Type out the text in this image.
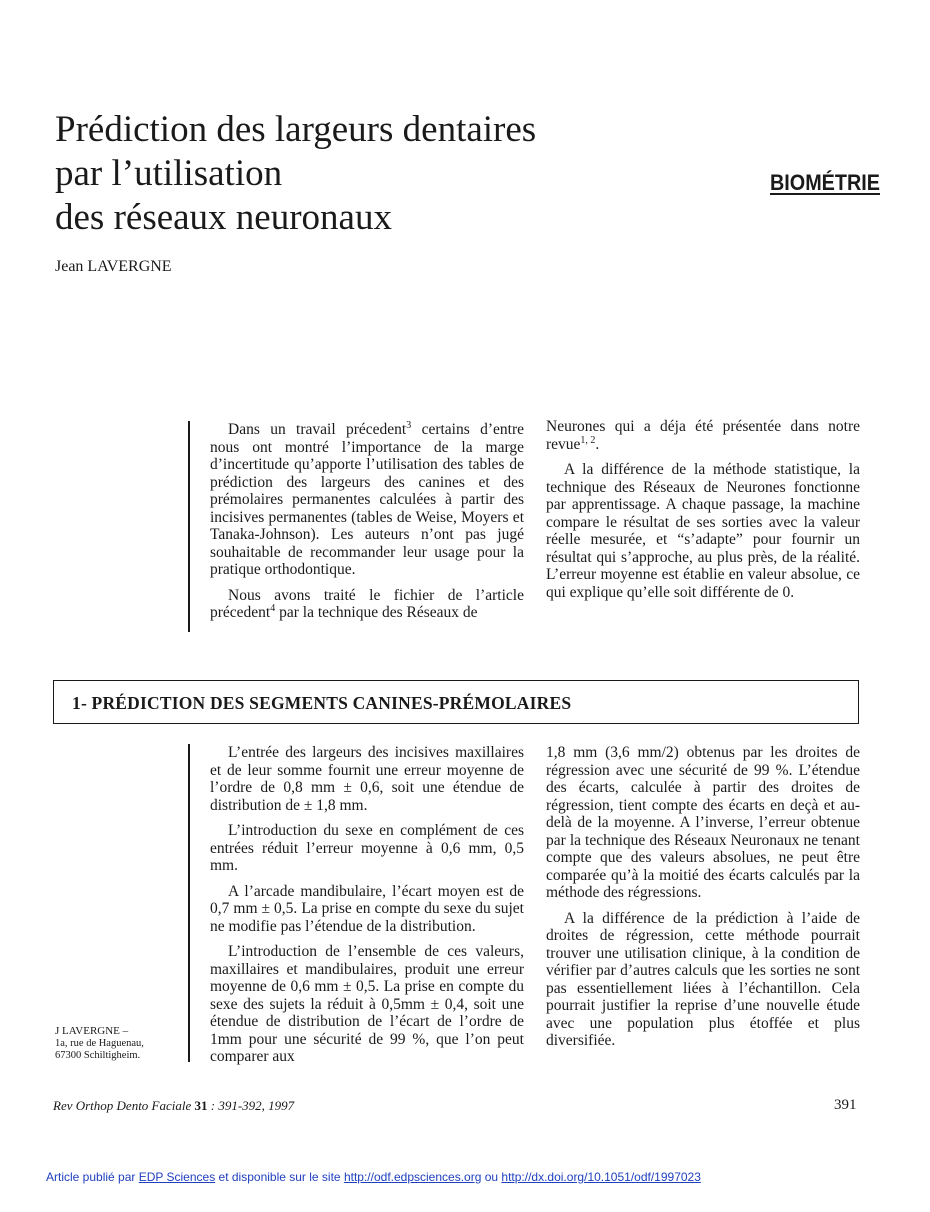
Prédiction des largeurs dentaires
par l’utilisation
des réseaux neuronaux
BIOMÉTRIE
Jean LAVERGNE

Dans un travail précedent$^3$ certains d’entre nous ont montré l’importance de la marge d’incertitude qu’apporte l’utilisation des tables de prédiction des largeurs des canines et des prémolaires permanentes calculées à partir des incisives permanentes (tables de Weise, Moyers et Tanaka-Johnson). Les auteurs n’ont pas jugé souhaitable de recommander leur usage pour la pratique orthodontique.

Nous avons traité le fichier de l’article précedent$^4$ par la technique des Réseaux de

Neurones qui a déja été présentée dans notre revue$^{1, 2}$.

A la différence de la méthode statistique, la technique des Réseaux de Neurones fonctionne par apprentissage. A chaque passage, la machine compare le résultat de ses sorties avec la valeur réelle mesurée, et “s’adapte” pour fournir un résultat qui s’approche, au plus près, de la réalité. L’erreur moyenne est établie en valeur absolue, ce qui explique qu’elle soit différente de 0.

1- PRÉDICTION DES SEGMENTS CANINES-PRÉMOLAIRES

L’entrée des largeurs des incisives maxillaires et de leur somme fournit une erreur moyenne de l’ordre de 0,8 mm ± 0,6, soit une étendue de distribution de ± 1,8 mm.

L’introduction du sexe en complément de ces entrées réduit l’erreur moyenne à 0,6 mm, 0,5 mm.

A l’arcade mandibulaire, l’écart moyen est de 0,7 mm ± 0,5. La prise en compte du sexe du sujet ne modifie pas l’étendue de la distribution.

L’introduction de l’ensemble de ces valeurs, maxillaires et mandibulaires, produit une erreur moyenne de 0,6 mm ± 0,5. La prise en compte du sexe des sujets la réduit à 0,5mm ± 0,4, soit une étendue de distribution de l’écart de l’ordre de 1mm pour une sécurité de 99 %, que l’on peut comparer aux

1,8 mm (3,6 mm/2) obtenus par les droites de régression avec une sécurité de 99 %. L’étendue des écarts, calculée à partir des droites de régression, tient compte des écarts en deçà et au-delà de la moyenne. A l’inverse, l’erreur obtenue par la technique des Réseaux Neuronaux ne tenant compte que des valeurs absolues, ne peut être comparée qu’à la moitié des écarts calculés par la méthode des régressions.

A la différence de la prédiction à l’aide de droites de régression, cette méthode pourrait trouver une utilisation clinique, à la condition de vérifier par d’autres calculs que les sorties ne sont pas essentiellement liées à l’échantillon. Cela pourrait justifier la reprise d’une nouvelle étude avec une population plus étoffée et plus diversifiée.

J LAVERGNE –
1a, rue de Haguenau,
67300 Schiltigheim.
Rev Orthop Dento Faciale 31 : 391-392, 1997	391
Article publié par EDP Sciences et disponible sur le site http://odf.edpsciences.org ou http://dx.doi.org/10.1051/odf/1997023
